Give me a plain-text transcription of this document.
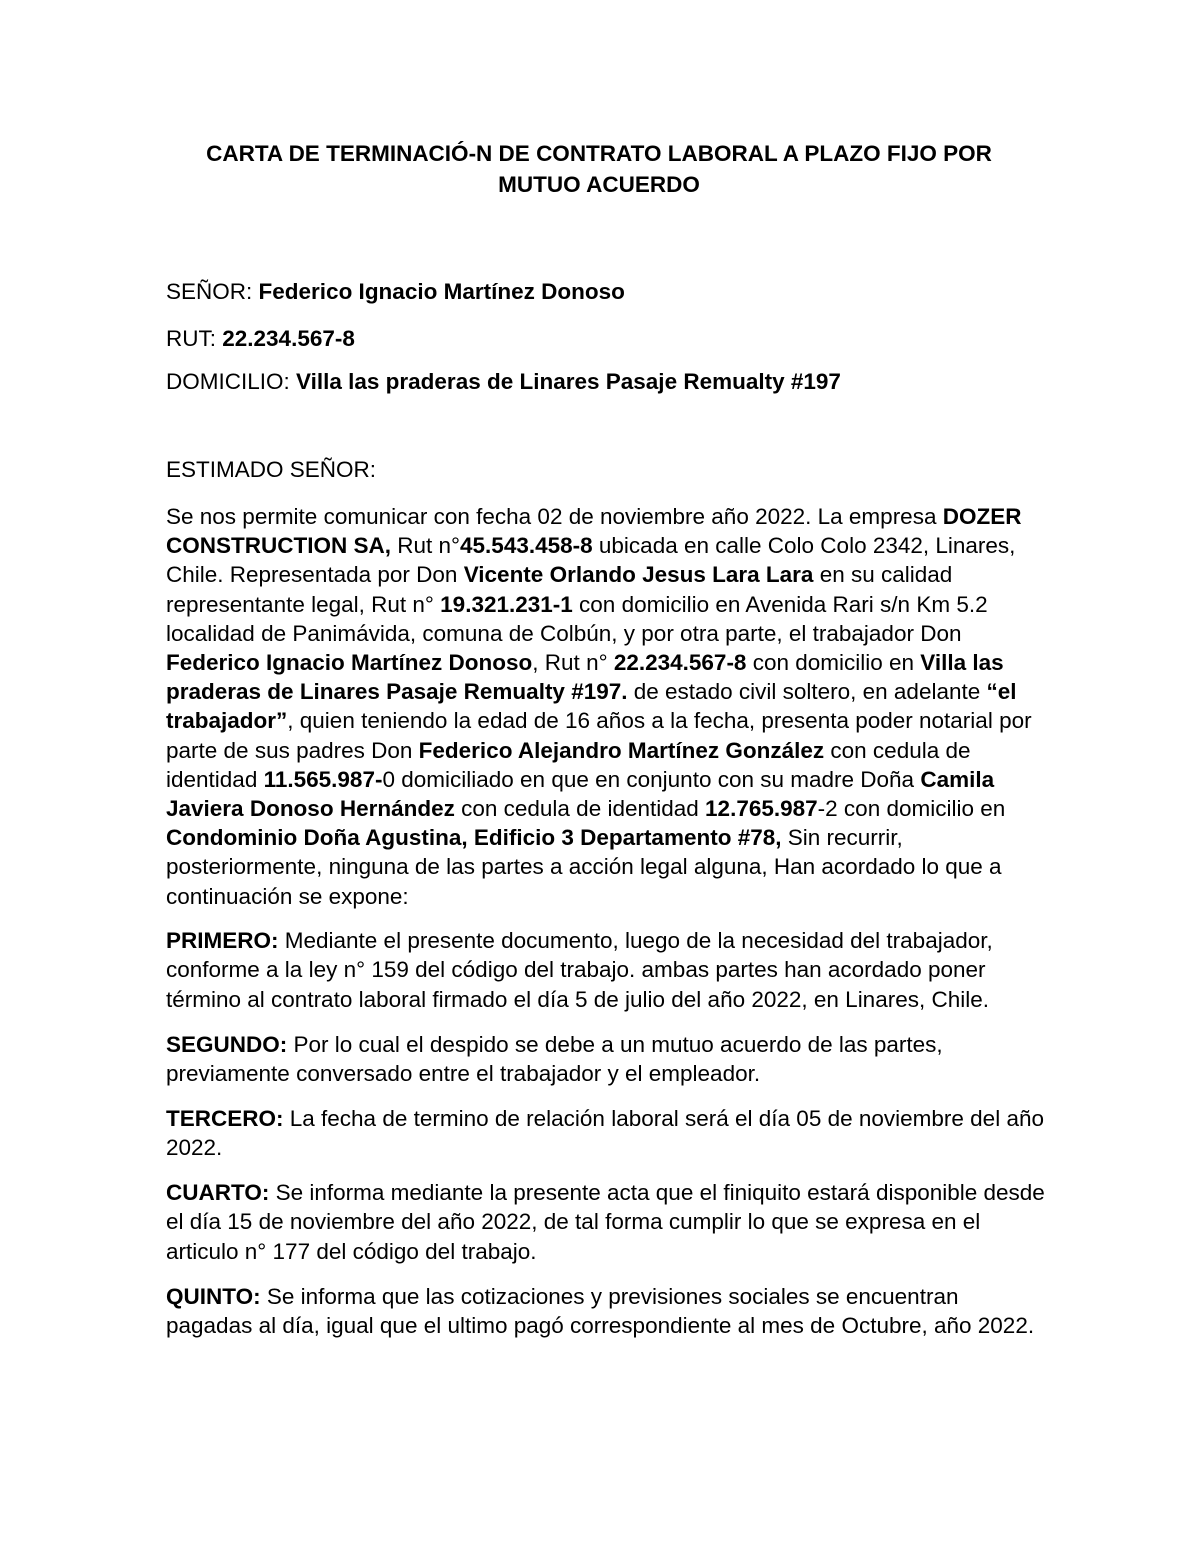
CARTA DE TERMINACIÓ-N DE CONTRATO LABORAL A PLAZO FIJO POR
MUTUO ACUERDO
SEÑOR: Federico Ignacio Martínez Donoso
RUT: 22.234.567-8
DOMICILIO: Villa las praderas de Linares Pasaje Remualty #197
ESTIMADO SEÑOR:
Se nos permite comunicar con fecha 02 de noviembre año 2022. La empresa DOZER CONSTRUCTION SA, Rut n°45.543.458-8 ubicada en calle Colo Colo 2342, Linares, Chile. Representada por Don Vicente Orlando Jesus Lara Lara en su calidad representante legal, Rut n° 19.321.231-1 con domicilio en Avenida Rari s/n Km 5.2 localidad de Panimávida, comuna de Colbún, y por otra parte, el trabajador Don Federico Ignacio Martínez Donoso, Rut n° 22.234.567-8 con domicilio en Villa las praderas de Linares Pasaje Remualty #197. de estado civil soltero, en adelante “el trabajador”, quien teniendo la edad de 16 años a la fecha, presenta poder notarial por parte de sus padres Don Federico Alejandro Martínez González con cedula de identidad 11.565.987-0 domiciliado en que en conjunto con su madre Doña Camila Javiera Donoso Hernández con cedula de identidad 12.765.987-2 con domicilio en Condominio Doña Agustina, Edificio 3 Departamento #78, Sin recurrir, posteriormente, ninguna de las partes a acción legal alguna, Han acordado lo que a continuación se expone:
PRIMERO: Mediante el presente documento, luego de la necesidad del trabajador, conforme a la ley n° 159 del código del trabajo. ambas partes han acordado poner término al contrato laboral firmado el día 5 de julio del año 2022, en Linares, Chile.
SEGUNDO: Por lo cual el despido se debe a un mutuo acuerdo de las partes, previamente conversado entre el trabajador y el empleador.
TERCERO: La fecha de termino de relación laboral será el día 05 de noviembre del año 2022.
CUARTO: Se informa mediante la presente acta que el finiquito estará disponible desde el día 15 de noviembre del año 2022, de tal forma cumplir lo que se expresa en el articulo n° 177 del código del trabajo.
QUINTO: Se informa que las cotizaciones y previsiones sociales se encuentran pagadas al día, igual que el ultimo pagó correspondiente al mes de Octubre, año 2022.
